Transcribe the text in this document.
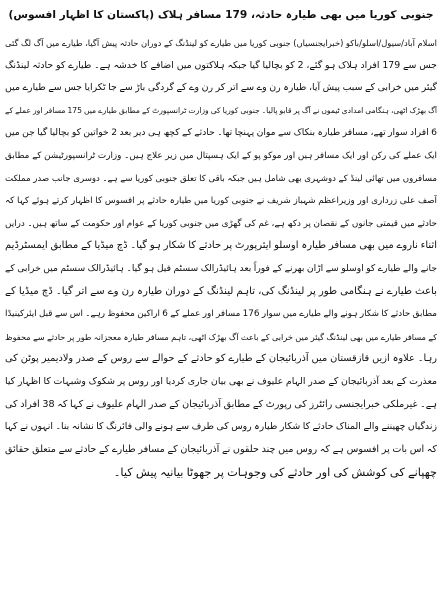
جنوبی کوریا میں بھی طیارہ حادثہ، 179 مسافر ہلاک (پاکستان کا اظہار افسوس)
اسلام آباد/سیول/اسلو/باکو (خبرایجنسیاں) جنوبی کوریا میں طیارے کو لینڈنگ کے دوران حادثہ پیش آگیا، طیارے میں آگ لگ گئی
جس سے 179 افراد ہلاک ہو گئے، 2 کو بچالیا گیا جبکہ ہلاکتوں میں اضافے کا خدشہ ہے۔ طیارے کو حادثہ لینڈنگ
گیئر میں خرابی کے سبب پیش آیا، طیارہ رن وے سے اتر کر رن وے کے گردگی باڑ سے جا ٹکرایا جس سے طیارے میں
آگ بھڑک اٹھی، ہنگامی امدادی ٹیموں نے آگ پر قابو پالیا۔ جنوبی کوریا کی وزارت ٹرانسپورٹ کے مطابق طیارے میں 175 مسافر اور عملے کے
6 افراد سوار تھے، مسافر طیارہ بنکاک سے موان پہنچا تھا۔ حادثے کے کچھ ہی دیر بعد 2 خواتین کو بچالیا گیا جن میں
ایک عملے کی رکن اور ایک مسافر ہیں اور موکو پو کے ایک ہسپتال میں زیر علاج ہیں۔ وزارت ٹرانسپورٹیشن کے مطابق
مسافروں میں تھائی لینڈ کے دوشہری بھی شامل ہیں جبکہ باقی کا تعلق جنوبی کوریا سے ہے۔ دوسری جانب صدر مملکت
آصف علی زرداری اور وزیراعظم شہباز شریف نے جنوبی کوریا میں طیارہ حادثے پر افسوس کا اظہار کرتے ہوئے کہا کہ
حادثے میں قیمتی جانوں کے نقصان پر دکھ ہے، غم کی گھڑی میں جنوبی کوریا کے عوام اور حکومت کے ساتھ ہیں۔ درایں
اثناء ناروے میں بھی مسافر طیارہ اوسلو ایئرپورٹ پر حادثے کا شکار ہو گیا۔ ڈچ میڈیا کے مطابق ایمسٹرڈیم
جانے والے طیارے کو اوسلو سے اڑان بھرنے کے فوراً بعد ہائیڈرالک سسٹم فیل ہو گیا۔ ہائیڈرالک سسٹم میں خرابی کے
باعث طیارے نے ہنگامی طور پر لینڈنگ کی، تاہم لینڈنگ کے دوران طیارہ رن وے سے اتر گیا۔ ڈچ میڈیا کے
مطابق حادثے کا شکار ہونے والے طیارے میں سوار 176 مسافر اور عملے کے 6 اراکین محفوظ رہے۔ اس سے قبل ایئرکینیڈا
کے مسافر طیارے میں بھی لینڈنگ گیئر میں خرابی کے باعث آگ بھڑک اٹھی، تاہم مسافر طیارہ معجزانہ طور پر حادثے سے محفوظ
رہا۔ علاوہ ازیں قازقستان میں آذربائیجان کے طیارے کو حادثے کے حوالے سے روس کے صدر ولادیمیر پوٹن کی
معذرت کے بعد آذربائیجان کے صدر الہام علیوف نے بھی بیان جاری کردیا اور روس پر شکوک وشبہات کا اظہار کیا
ہے۔ غیرملکی خبرایجنسی رائٹرز کی رپورٹ کے مطابق آذربائیجان کے صدر الہام علیوف نے کہا کہ 38 افراد کی
زندگیاں چھیننے والے المناک حادثے کا شکار طیارہ روس کی طرف سے ہونے والی فائرنگ کا نشانہ بنا۔ انہوں نے کہا
کہ اس بات پر افسوس ہے کہ روس میں چند حلقوں نے آذربائیجان کے مسافر طیارے کے حادثے سے متعلق حقائق
چھپانے کی کوشش کی اور حادثے کی وجوہات پر جھوٹا بیانیہ پیش کیا۔
